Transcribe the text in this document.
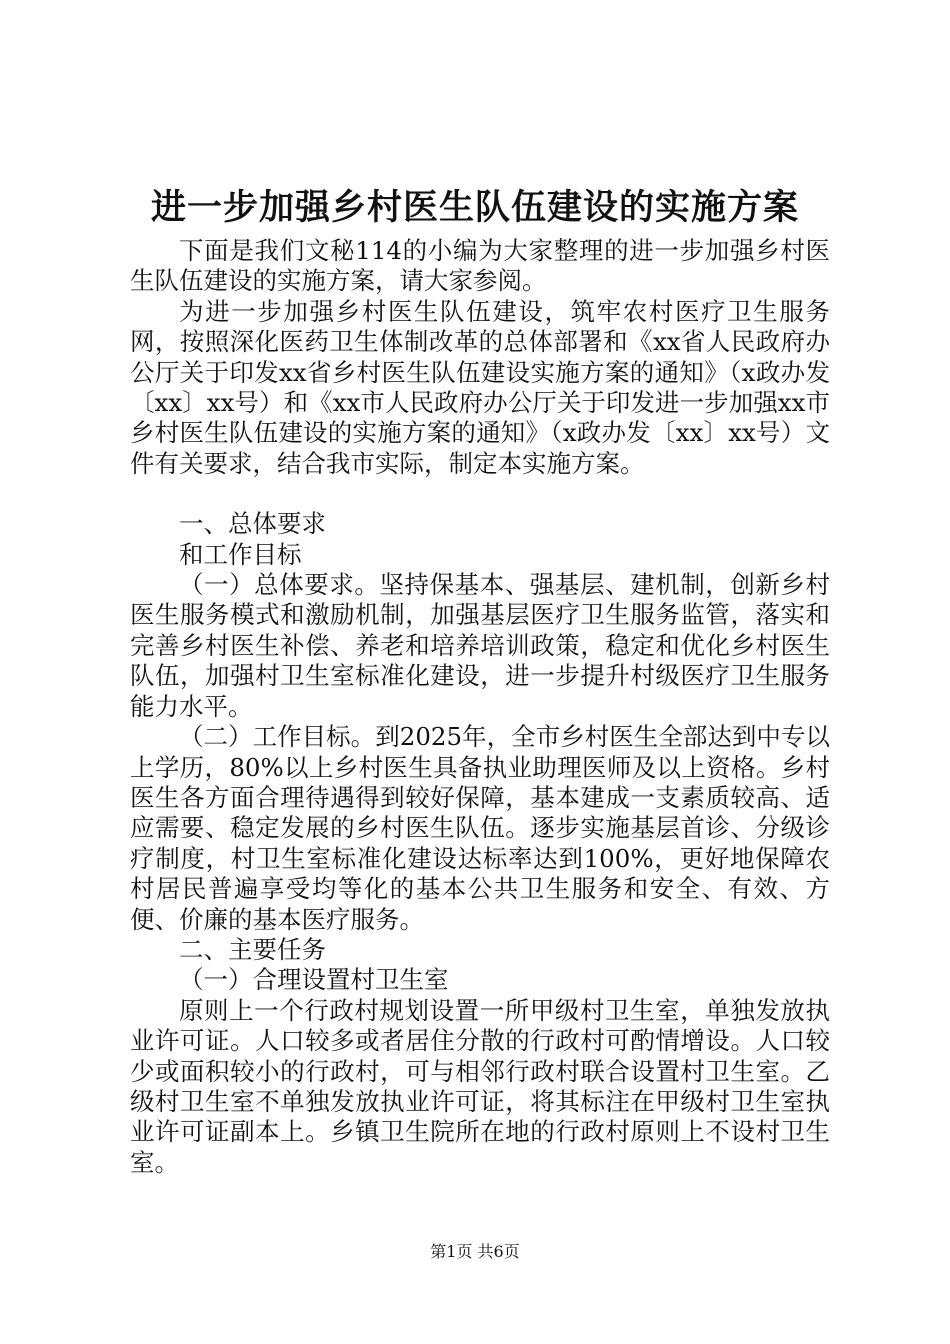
进一步加强乡村医生队伍建设的实施方案

下面是我们文秘114的小编为大家整理的进一步加强乡村医生队伍建设的实施方案，请大家参阅。

为进一步加强乡村医生队伍建设，筑牢农村医疗卫生服务网，按照深化医药卫生体制改革的总体部署和《xx省人民政府办公厅关于印发xx省乡村医生队伍建设实施方案的通知》（x政办发〔xx〕xx号）和《xx市人民政府办公厅关于印发进一步加强xx市乡村医生队伍建设的实施方案的通知》（x政办发〔xx〕xx号）文件有关要求，结合我市实际，制定本实施方案。

一、总体要求

和工作目标

（一）总体要求。坚持保基本、强基层、建机制，创新乡村医生服务模式和激励机制，加强基层医疗卫生服务监管，落实和完善乡村医生补偿、养老和培养培训政策，稳定和优化乡村医生队伍，加强村卫生室标准化建设，进一步提升村级医疗卫生服务能力水平。

（二）工作目标。到2025年，全市乡村医生全部达到中专以上学历，80%以上乡村医生具备执业助理医师及以上资格。乡村医生各方面合理待遇得到较好保障，基本建成一支素质较高、适应需要、稳定发展的乡村医生队伍。逐步实施基层首诊、分级诊疗制度，村卫生室标准化建设达标率达到100%，更好地保障农村居民普遍享受均等化的基本公共卫生服务和安全、有效、方便、价廉的基本医疗服务。

二、主要任务

（一）合理设置村卫生室

原则上一个行政村规划设置一所甲级村卫生室，单独发放执业许可证。人口较多或者居住分散的行政村可酌情增设。人口较少或面积较小的行政村，可与相邻行政村联合设置村卫生室。乙级村卫生室不单独发放执业许可证，将其标注在甲级村卫生室执业许可证副本上。乡镇卫生院所在地的行政村原则上不设村卫生室。

第1页 共6页
